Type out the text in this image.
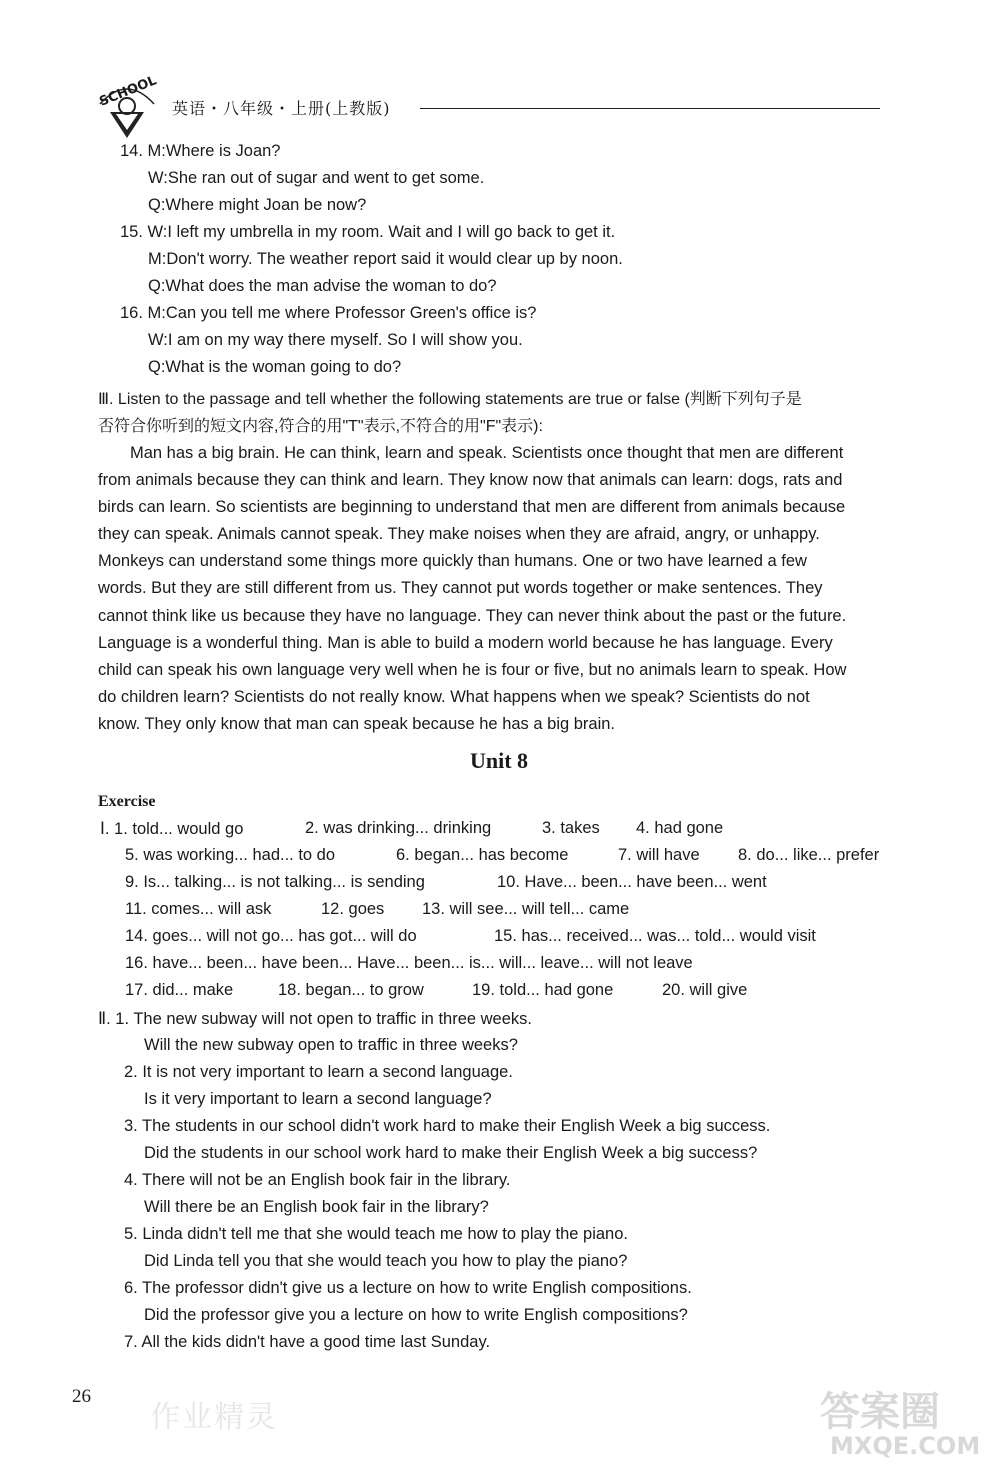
SCHOOL 英语・八年级・上册(上教版)
14. M:Where is Joan?
W:She ran out of sugar and went to get some.
Q:Where might Joan be now?
15. W:I left my umbrella in my room. Wait and I will go back to get it.
M:Don't worry. The weather report said it would clear up by noon.
Q:What does the man advise the woman to do?
16. M:Can you tell me where Professor Green's office is?
W:I am on my way there myself. So I will show you.
Q:What is the woman going to do?
Ⅲ. Listen to the passage and tell whether the following statements are true or false (判断下列句子是
否符合你听到的短文内容,符合的用"T"表示,不符合的用"F"表示):
Man has a big brain. He can think, learn and speak. Scientists once thought that men are different
from animals because they can think and learn. They know now that animals can learn: dogs, rats and
birds can learn. So scientists are beginning to understand that men are different from animals because
they can speak. Animals cannot speak. They make noises when they are afraid, angry, or unhappy.
Monkeys can understand some things more quickly than humans. One or two have learned a few
words. But they are still different from us. They cannot put words together or make sentences. They
cannot think like us because they have no language. They can never think about the past or the future.
Language is a wonderful thing. Man is able to build a modern world because he has language. Every
child can speak his own language very well when he is four or five, but no animals learn to speak. How
do children learn? Scientists do not really know. What happens when we speak? Scientists do not
know. They only know that man can speak because he has a big brain.
Unit 8
Exercise
Ⅰ. 1. told... would go	2. was drinking... drinking	3. takes 4. had gone
5. was working... had... to do	6. began... has become	7. will have 8. do... like... prefer
9. Is... talking... is not talking... is sending	10. Have... been... have been... went
11. comes... will ask	12. goes 13. will see... will tell... came
14. goes... will not go... has got... will do	15. has... received... was... told... would visit
16. have... been... have been... Have... been... is... will... leave... will not leave
17. did... make	18. began... to grow	19. told... had gone	20. will give
Ⅱ. 1. The new subway will not open to traffic in three weeks.
Will the new subway open to traffic in three weeks?
2. It is not very important to learn a second language.
Is it very important to learn a second language?
3. The students in our school didn't work hard to make their English Week a big success.
Did the students in our school work hard to make their English Week a big success?
4. There will not be an English book fair in the library.
Will there be an English book fair in the library?
5. Linda didn't tell me that she would teach me how to play the piano.
Did Linda tell you that she would teach you how to play the piano?
6. The professor didn't give us a lecture on how to write English compositions.
Did the professor give you a lecture on how to write English compositions?
7. All the kids didn't have a good time last Sunday.
26
作业精灵	答案圈
MXQE.COM
